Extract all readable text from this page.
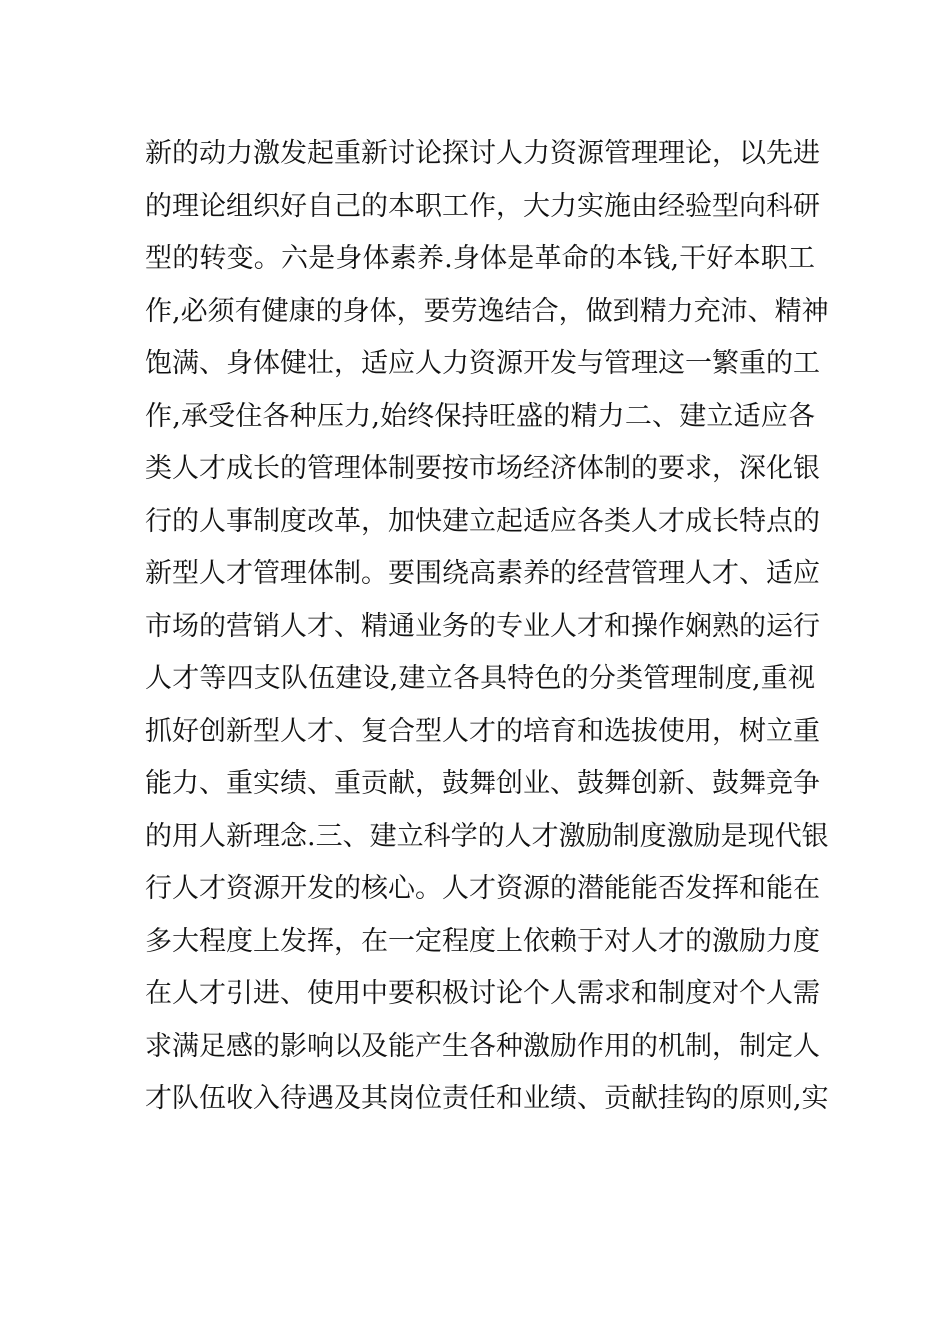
新的动力激发起重新讨论探讨人力资源管理理论，以先进
的理论组织好自己的本职工作，大力实施由经验型向科研
型的转变。六是身体素养.身体是革命的本钱,干好本职工
作,必须有健康的身体，要劳逸结合，做到精力充沛、精神
饱满、身体健壮，适应人力资源开发与管理这一繁重的工
作,承受住各种压力,始终保持旺盛的精力二、建立适应各
类人才成长的管理体制要按市场经济体制的要求，深化银
行的人事制度改革，加快建立起适应各类人才成长特点的
新型人才管理体制。要围绕高素养的经营管理人才、适应
市场的营销人才、精通业务的专业人才和操作娴熟的运行
人才等四支队伍建设,建立各具特色的分类管理制度,重视
抓好创新型人才、复合型人才的培育和选拔使用，树立重
能力、重实绩、重贡献，鼓舞创业、鼓舞创新、鼓舞竞争
的用人新理念.三、建立科学的人才激励制度激励是现代银
行人才资源开发的核心。人才资源的潜能能否发挥和能在
多大程度上发挥，在一定程度上依赖于对人才的激励力度
在人才引进、使用中要积极讨论个人需求和制度对个人需
求满足感的影响以及能产生各种激励作用的机制，制定人
才队伍收入待遇及其岗位责任和业绩、贡献挂钩的原则,实
